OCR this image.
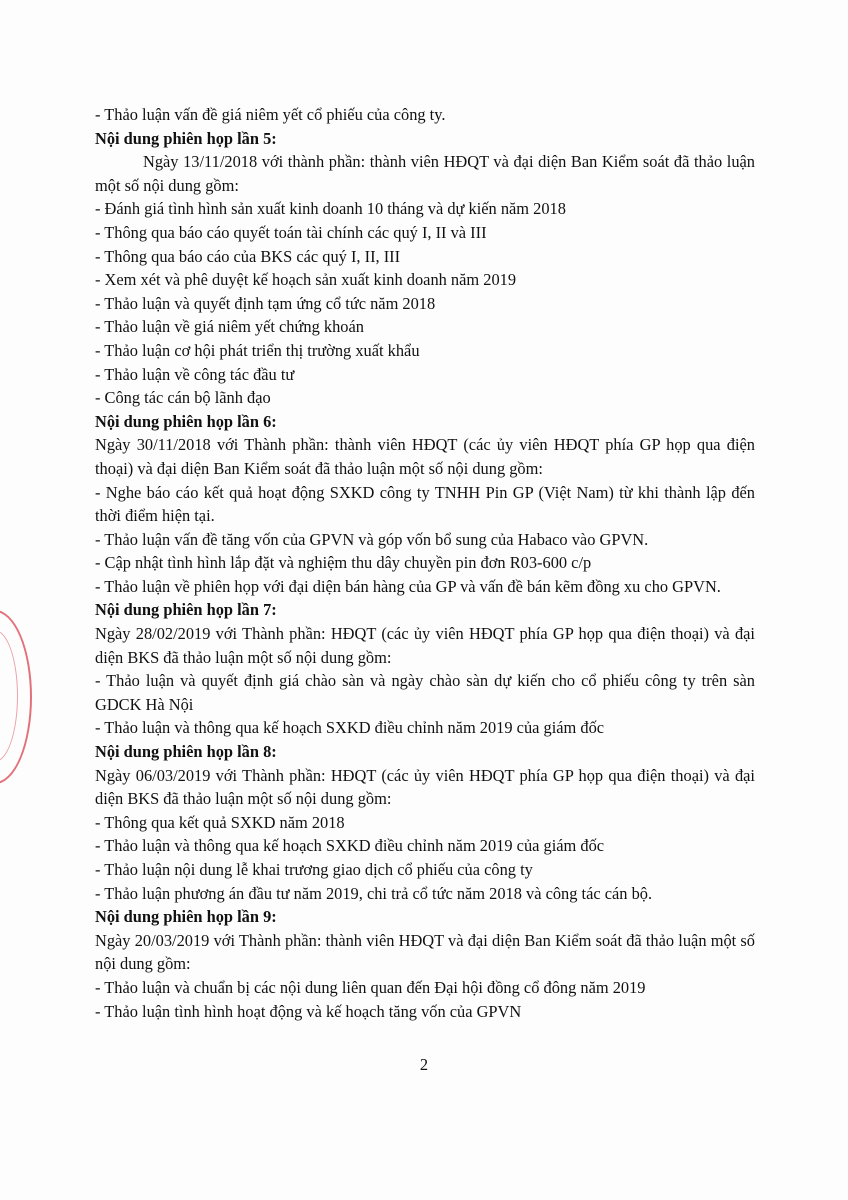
- Thảo luận vấn đề giá niêm yết cổ phiếu của công ty.
Nội dung phiên họp lần 5:
Ngày 13/11/2018 với thành phần: thành viên HĐQT và đại diện Ban Kiểm soát đã thảo luận một số nội dung gồm:
- Đánh giá tình hình sản xuất kinh doanh 10 tháng và dự kiến năm 2018
- Thông qua báo cáo quyết toán tài chính các quý I, II và III
- Thông qua báo cáo của BKS các quý I, II, III
- Xem xét và phê duyệt kế hoạch sản xuất kinh doanh năm 2019
- Thảo luận và quyết định tạm ứng cổ tức năm 2018
- Thảo luận về giá niêm yết chứng khoán
- Thảo luận cơ hội phát triển thị trường xuất khẩu
- Thảo luận về công tác đầu tư
- Công tác cán bộ lãnh đạo
Nội dung phiên họp lần 6:
Ngày 30/11/2018 với Thành phần: thành viên HĐQT (các ủy viên HĐQT phía GP họp qua điện thoại) và đại diện Ban Kiểm soát đã thảo luận một số nội dung gồm:
- Nghe báo cáo kết quả hoạt động SXKD công ty TNHH Pin GP (Việt Nam) từ khi thành lập đến thời điểm hiện tại.
- Thảo luận vấn đề tăng vốn của GPVN và góp vốn bổ sung của Habaco vào GPVN.
- Cập nhật tình hình lắp đặt và nghiệm thu dây chuyền pin đơn R03-600 c/p
- Thảo luận về phiên họp với đại diện bán hàng của GP và vấn đề bán kẽm đồng xu cho GPVN.
Nội dung phiên họp lần 7:
Ngày 28/02/2019 với Thành phần: HĐQT (các ủy viên HĐQT phía GP họp qua điện thoại) và đại diện BKS đã thảo luận một số nội dung gồm:
- Thảo luận và quyết định giá chào sàn và ngày chào sàn dự kiến cho cổ phiếu công ty trên sàn GDCK Hà Nội
- Thảo luận và thông qua kế hoạch SXKD điều chỉnh năm 2019 của giám đốc
Nội dung phiên họp lần 8:
Ngày 06/03/2019 với Thành phần: HĐQT (các ủy viên HĐQT phía GP họp qua điện thoại) và đại diện BKS đã thảo luận một số nội dung gồm:
- Thông qua kết quả SXKD năm 2018
- Thảo luận và thông qua kế hoạch SXKD điều chỉnh năm 2019 của giám đốc
- Thảo luận nội dung lễ khai trương giao dịch cổ phiếu của công ty
- Thảo luận phương án đầu tư năm 2019, chi trả cổ tức năm 2018 và công tác cán bộ.
Nội dung phiên họp lần 9:
Ngày 20/03/2019 với Thành phần: thành viên HĐQT và đại diện Ban Kiểm soát đã thảo luận một số nội dung gồm:
- Thảo luận và chuẩn bị các nội dung liên quan đến Đại hội đồng cổ đông năm 2019
- Thảo luận tình hình hoạt động và kế hoạch tăng vốn của GPVN
2
